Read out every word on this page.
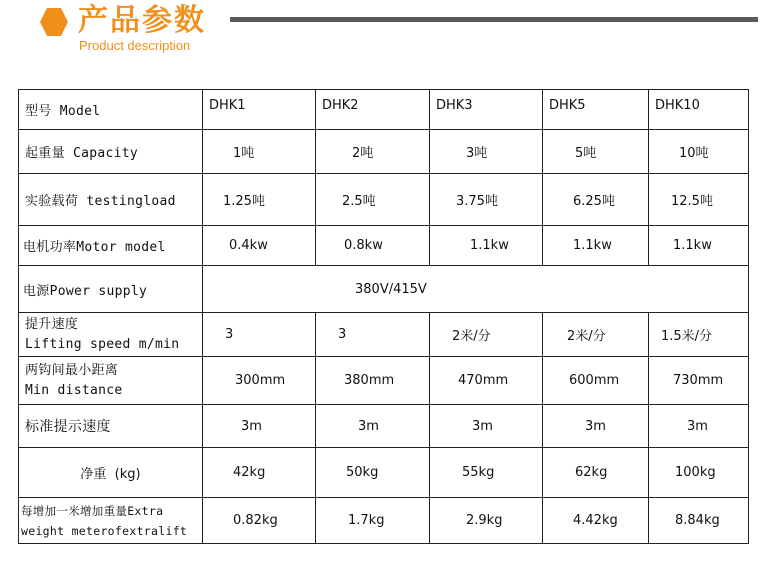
产品参数
Product description
型号 Model	DHK1	DHK2	DHK3	DHK5	DHK10
起重量 Capacity	1吨	2吨	3吨	5吨	10吨
实验载荷 testingload	1.25吨	2.5吨	3.75吨	6.25吨	12.5吨
电机功率Motor model	0.4kw	0.8kw	1.1kw	1.1kw	1.1kw
电源Power supply	380V/415V				

提升速度
Lifting speed m/min	3	3	2米/分	2米/分	1.5米/分

两钩间最小距离
Min distance	300mm	380mm	470mm	600mm	730mm
标准提示速度	3m	3m	3m	3m	3m
净重  (kg)	42kg	50kg	55kg	62kg	100kg

每增加一米增加重量Extra
weight meterofextralift	0.82kg	1.7kg	2.9kg	4.42kg	8.84kg
